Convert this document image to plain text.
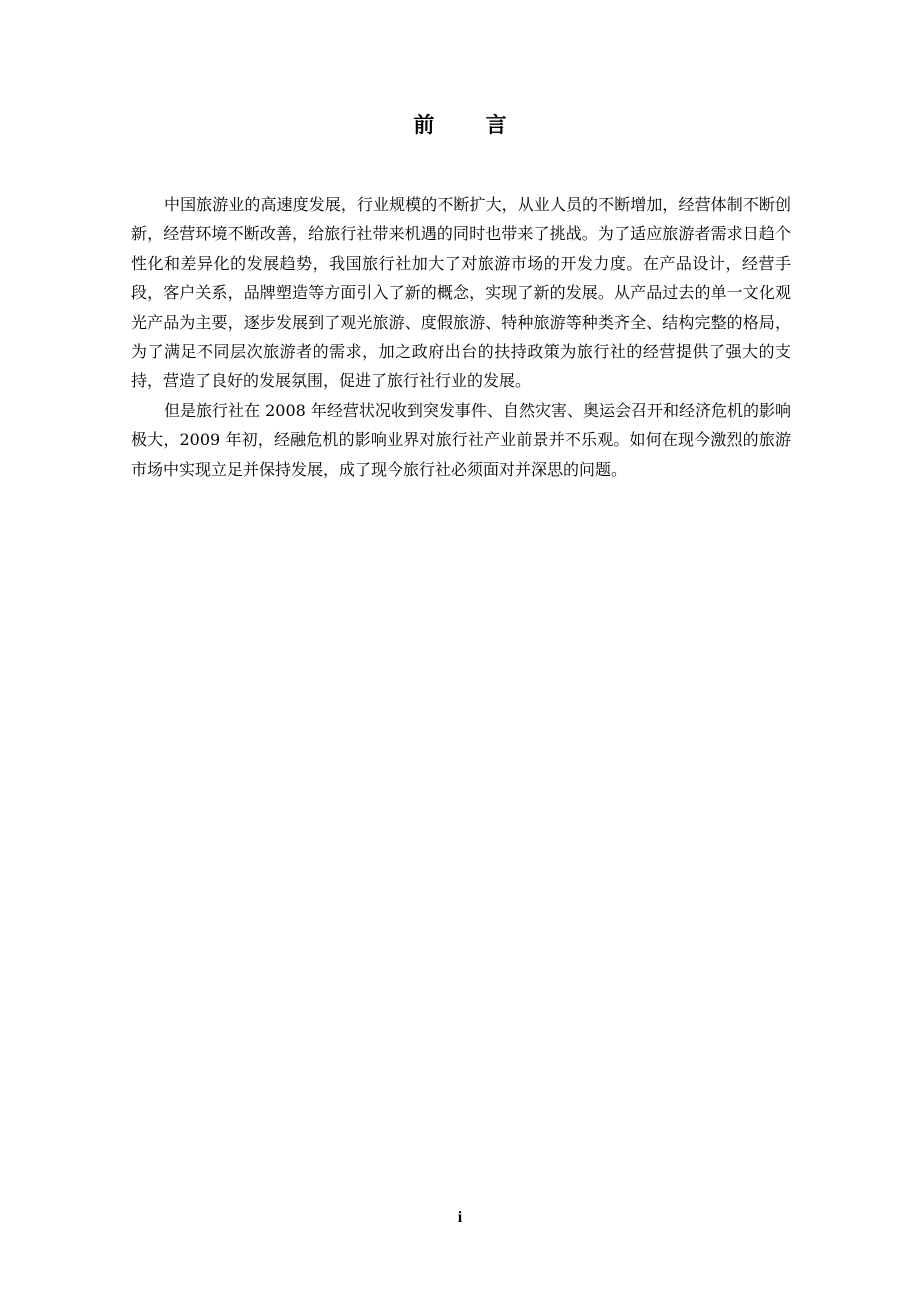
前 言

中国旅游业的高速度发展，行业规模的不断扩大，从业人员的不断增加，经营体制不断创新，经营环境不断改善，给旅行社带来机遇的同时也带来了挑战。为了适应旅游者需求日趋个性化和差异化的发展趋势，我国旅行社加大了对旅游市场的开发力度。在产品设计，经营手段，客户关系，品牌塑造等方面引入了新的概念，实现了新的发展。从产品过去的单一文化观光产品为主要，逐步发展到了观光旅游、度假旅游、特种旅游等种类齐全、结构完整的格局，为了满足不同层次旅游者的需求，加之政府出台的扶持政策为旅行社的经营提供了强大的支持，营造了良好的发展氛围，促进了旅行社行业的发展。

但是旅行社在 2008 年经营状况收到突发事件、自然灾害、奥运会召开和经济危机的影响极大，2009 年初，经融危机的影响业界对旅行社产业前景并不乐观。如何在现今激烈的旅游市场中实现立足并保持发展，成了现今旅行社必须面对并深思的问题。

i
